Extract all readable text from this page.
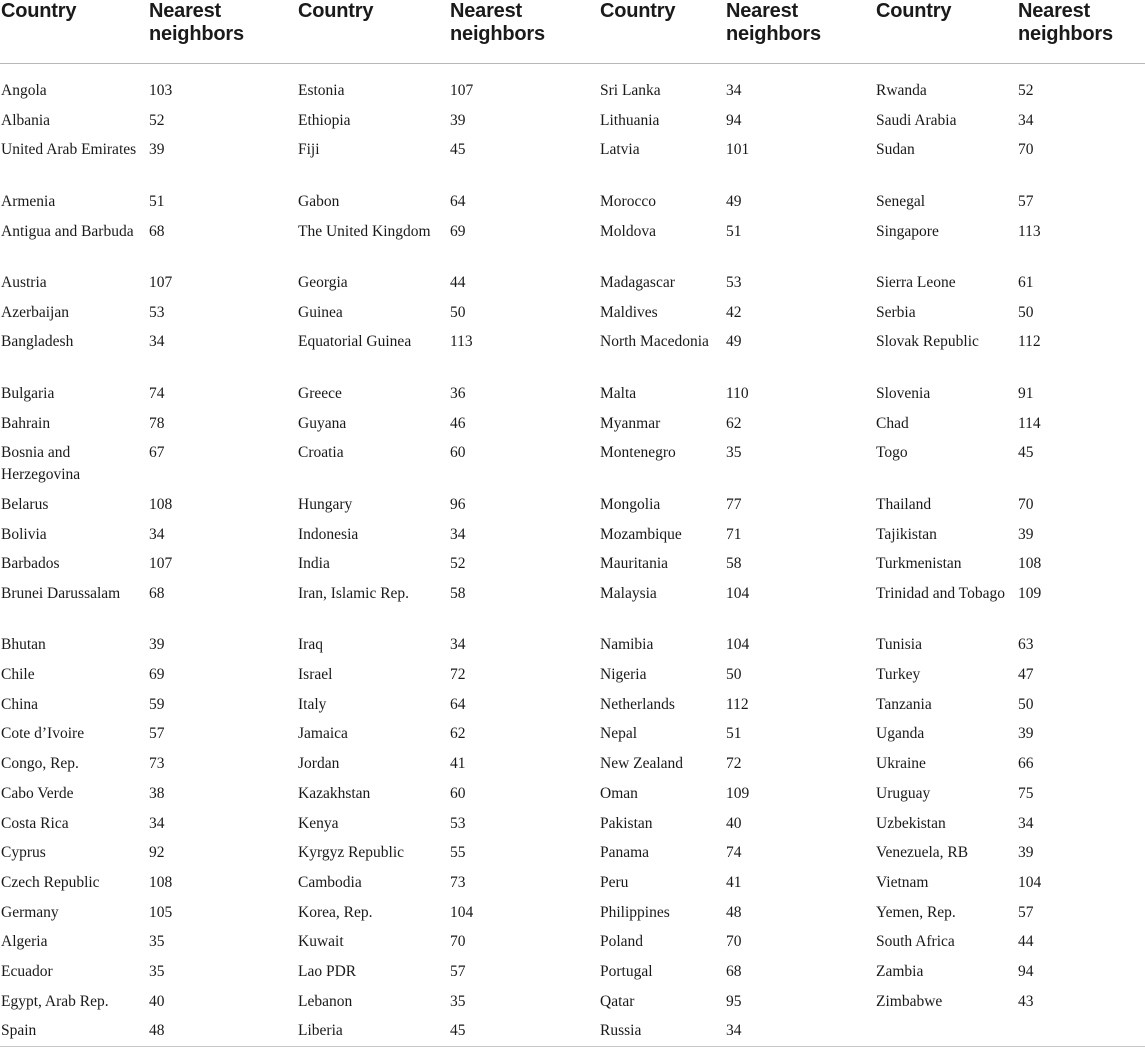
Country	Nearest neighbors	Country	Nearest neighbors	Country	Nearest neighbors	Country	Nearest neighbors

Angola	103	Estonia	107	Sri Lanka	34	Rwanda	52
Albania	52	Ethiopia	39	Lithuania	94	Saudi Arabia	34
United Arab Emirates	39	Fiji	45	Latvia	101	Sudan	70
Armenia	51	Gabon	64	Morocco	49	Senegal	57
Antigua and Barbuda	68	The United Kingdom	69	Moldova	51	Singapore	113
Austria	107	Georgia	44	Madagascar	53	Sierra Leone	61
Azerbaijan	53	Guinea	50	Maldives	42	Serbia	50
Bangladesh	34	Equatorial Guinea	113	North Macedonia	49	Slovak Republic	112
Bulgaria	74	Greece	36	Malta	110	Slovenia	91
Bahrain	78	Guyana	46	Myanmar	62	Chad	114
Bosnia and Herzegovina	67	Croatia	60	Montenegro	35	Togo	45
Belarus	108	Hungary	96	Mongolia	77	Thailand	70
Bolivia	34	Indonesia	34	Mozambique	71	Tajikistan	39
Barbados	107	India	52	Mauritania	58	Turkmenistan	108
Brunei Darussalam	68	Iran, Islamic Rep.	58	Malaysia	104	Trinidad and Tobago	109
Bhutan	39	Iraq	34	Namibia	104	Tunisia	63
Chile	69	Israel	72	Nigeria	50	Turkey	47
China	59	Italy	64	Netherlands	112	Tanzania	50
Cote d’Ivoire	57	Jamaica	62	Nepal	51	Uganda	39
Congo, Rep.	73	Jordan	41	New Zealand	72	Ukraine	66
Cabo Verde	38	Kazakhstan	60	Oman	109	Uruguay	75
Costa Rica	34	Kenya	53	Pakistan	40	Uzbekistan	34
Cyprus	92	Kyrgyz Republic	55	Panama	74	Venezuela, RB	39
Czech Republic	108	Cambodia	73	Peru	41	Vietnam	104
Germany	105	Korea, Rep.	104	Philippines	48	Yemen, Rep.	57
Algeria	35	Kuwait	70	Poland	70	South Africa	44
Ecuador	35	Lao PDR	57	Portugal	68	Zambia	94
Egypt, Arab Rep.	40	Lebanon	35	Qatar	95	Zimbabwe	43
Spain	48	Liberia	45	Russia	34		
